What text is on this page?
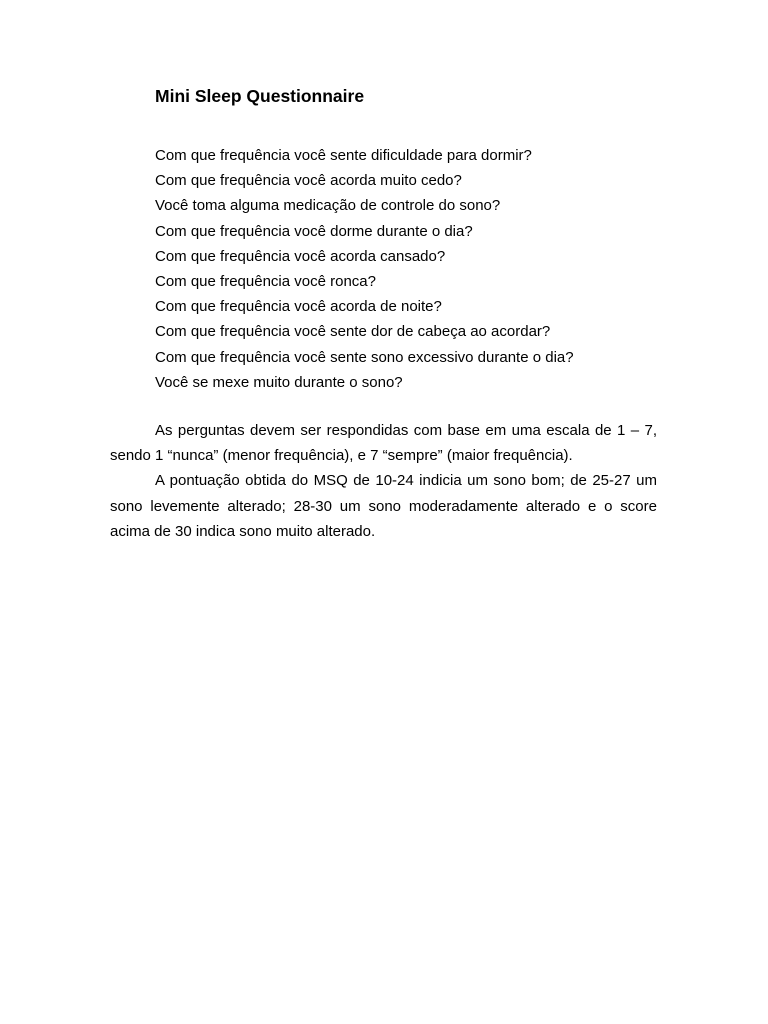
Mini Sleep Questionnaire
Com que frequência você sente dificuldade para dormir?
Com que frequência você acorda muito cedo?
Você toma alguma medicação de controle do sono?
Com que frequência você dorme durante o dia?
Com que frequência você acorda cansado?
Com que frequência você ronca?
Com que frequência você acorda de noite?
Com que frequência você sente dor de cabeça ao acordar?
Com que frequência você sente sono excessivo durante o dia?
Você se mexe muito durante o sono?

As perguntas devem ser respondidas com base em uma escala de 1 – 7, sendo 1 “nunca” (menor frequência), e 7 “sempre” (maior frequência).

A pontuação obtida do MSQ de 10-24 indicia um sono bom; de 25-27 um sono levemente alterado; 28-30 um sono moderadamente alterado e o score acima de 30 indica sono muito alterado.
